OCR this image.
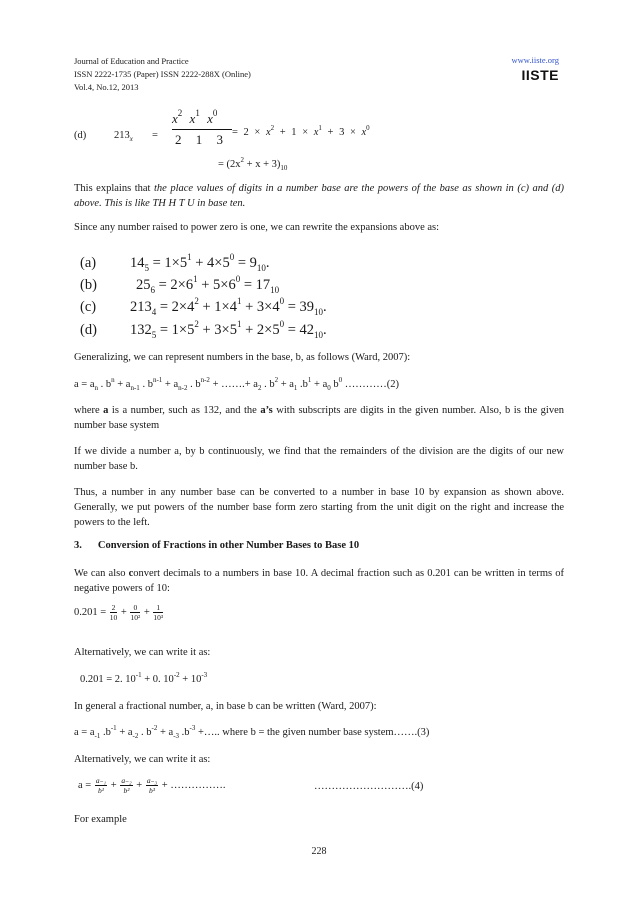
Journal of Education and Practice
ISSN 2222-1735 (Paper) ISSN 2222-288X (Online)
Vol.4, No.12, 2013
www.iiste.org
IISTE
(d)	$213_x$ =
$x^2$ $x^1$ $x^0$
2 1 $3 = 2 \times x^2 + 1 \times x^1 + 3 \times x^0$
= $(2x^2 + x + 3)_{10}$
This explains that the place values of digits in a number base are the powers of the base as shown in (c) and (d) above. This is like TH H T U in base ten.
Since any number raised to power zero is one, we can rewrite the expansions above as:
(a) $14_5 = 1\times 5^1 + 4\times 5^0 = 9_{10}$.
(b)	$25_6 = 2\times 6^1 + 5\times 6^0 = 17_{10}$
(c) $213_4 = 2\times 4^2 + 1\times 4^1 + 3\times 4^0 = 39_{10}$.
(d) $132_5 = 1\times 5^2 + 3\times 5^1 + 2\times 5^0 = 42_{10}$.
Generalizing, we can represent numbers in the base, b, as follows (Ward, 2007):
$a = a_n$ . $b^n + a_{n-1}$ . $b^{n-1} + a_{n-2}$ . $b^{n-2}$ + …….+ $a_2$ . $b^2 + a_1$ $.b^1 + a_0$ $b^0$ …………(2)
where a is a number, such as 132, and the a’s with subscripts are digits in the given number. Also, b is the given number base system
If we divide a number a, by b continuously, we find that the remainders of the division are the digits of our new number base b.
Thus, a number in any number base can be converted to a number in base 10 by expansion as shown above. Generally, we put powers of the number base form zero starting from the unit digit on the right and increase the powers to the left.
3. Conversion of Fractions in other Number Bases to Base 10
We can also convert decimals to a numbers in base 10. A decimal fraction such as 0.201 can be written in terms of negative powers of 10:
$0.201 = \frac{2}{10} + \frac{0}{\text{10²}} + \frac{1}{\text{10³}}$
Alternatively, we can write it as:
0.201 = 2. $10^{-1} + 0$. $10^{-2} + 10^{-3}$
In general a fractional number, a, in base b can be written (Ward, 2007):
$a = a_{-1}$ $.b^{-1} + a_{-2}$ . $b^{-2} + a_{-3}$ $.b^{-3}$ +….. where b = the given number base system…….(3)
Alternatively, we can write it as:
$a = \frac{\text{a₋₁}}{\text{b¹}} + \frac{\text{a₋₂}}{\text{b²}} + \frac{\text{a₋₃}}{\text{b³}}$ + …………….	……………………….(4)
For example
228
